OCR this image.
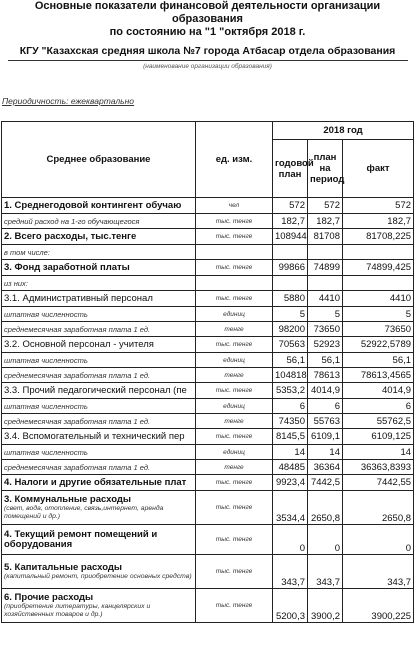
Основные показатели финансовой деятельности организации образования
по состоянию на "1 "октября 2018 г.
КГУ "Казахская средняя школа №7 города Атбасар отдела образования
(наименование организации образования)
Периодичность: ежеквартально
Среднее образование	ед. изм.	2018 год		
		годовой план	план на период	факт
1. Среднегодовой контингент обучаю	чел	572	572	572
средний расход на 1-го обучающегося	тыс. тенге	182,7	182,7	182,7
2. Всего расходы, тыс.тенге	тыс. тенге	108944	81708	81708,225
в том числе:				
3. Фонд заработной платы	тыс. тенге	99866	74899	74899,425
из них:				
3.1. Административный персонал	тыс. тенге	5880	4410	4410
штатная численность	единиц	5	5	5
среднемесячная заработная плата 1 ед.	тенге	98200	73650	73650
3.2. Основной персонал - учителя	тыс. тенге	70563	52923	52922,5789
штатная численность	единиц	56,1	56,1	56,1
среднемесячная заработная плата 1 ед.	тенге	104818	78613	78613,4565
3.3. Прочий педагогический персонал (пе	тыс. тенге	5353,2	4014,9	4014,9
штатная численность	единиц	6	6	6
среднемесячная заработная плата 1 ед.	тенге	74350	55763	55762,5
3.4. Вспомогательный и технический пер	тыс. тенге	8145,5	6109,1	6109,125
штатная численность	единиц	14	14	14
среднемесячная заработная плата 1 ед.	тенге	48485	36364	36363,8393
4. Налоги и другие обязательные плат	тыс. тенге	9923,4	7442,5	7442,55
3. Коммунальные расходы
(свет, вода, отопление, связь,интернет, аренда помещений и др.)	тыс. тенге	3534,4	2650,8	2650,8
4. Текущий ремонт помещений и оборудования	тыс. тенге	0	0	0
5. Капитальные расходы
(капитальный ремонт, приобретение основных средств)	тыс. тенге	343,7	343,7	343,7
6. Прочие расходы
(приобретение литературы, канцелярских и хозяйственных товаров и др.)	тыс. тенге	5200,3	3900,2	3900,225
